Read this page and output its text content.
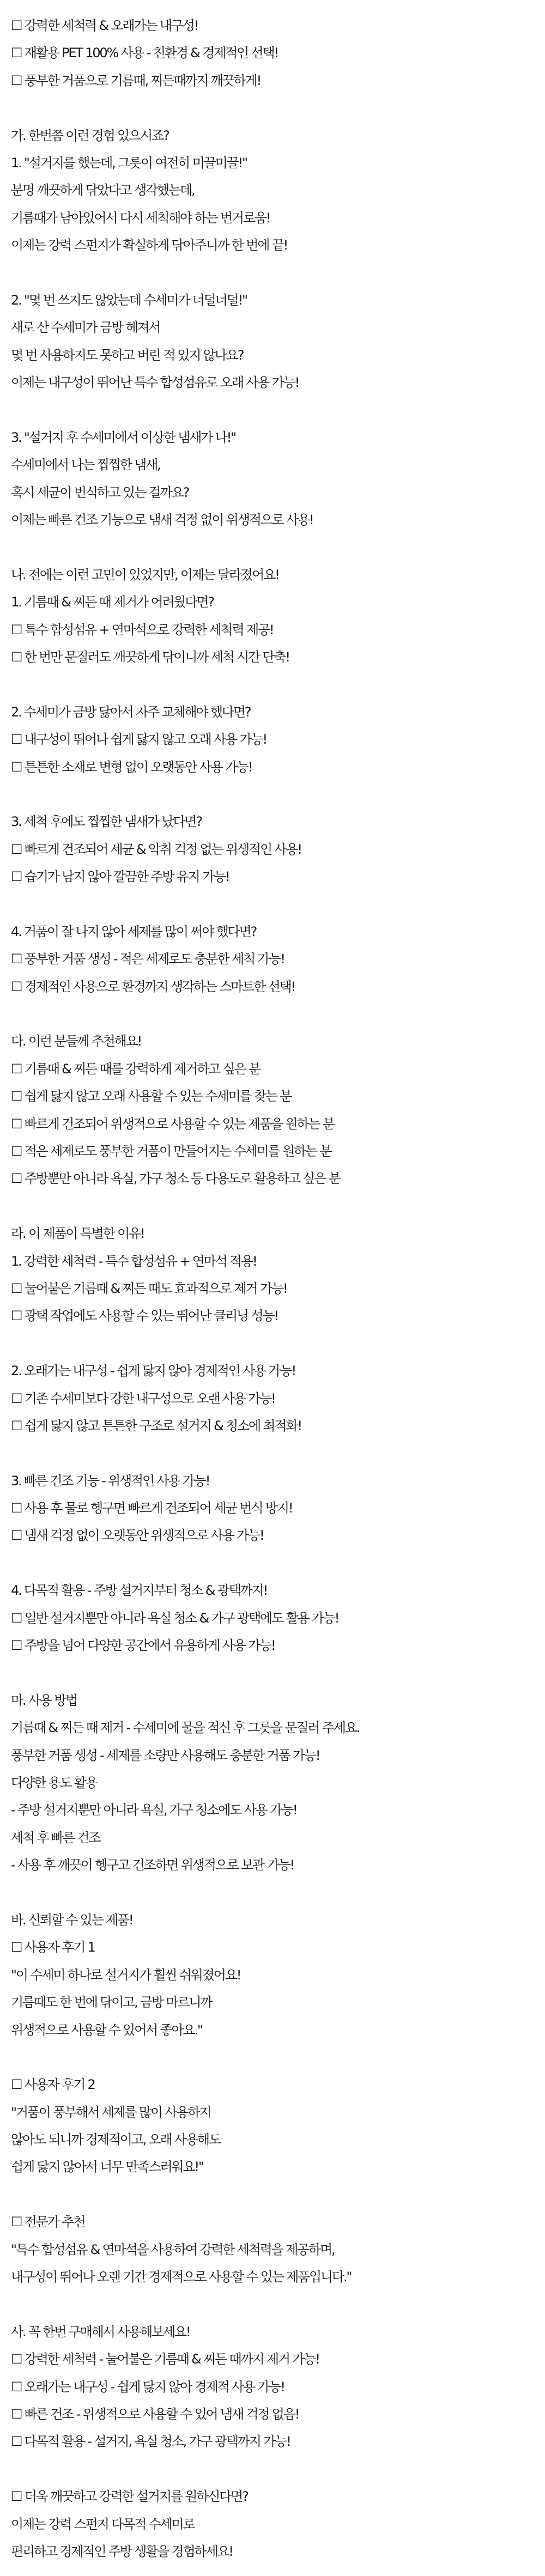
☐ 강력한 세척력 & 오래가는 내구성!
☐ 재활용 PET 100% 사용 - 친환경 & 경제적인 선택!
☐ 풍부한 거품으로 기름때, 찌든때까지 깨끗하게!
가. 한번쯤 이런 경험 있으시죠?
1. "설거지를 했는데, 그릇이 여전히 미끌미끌!"
분명 깨끗하게 닦았다고 생각했는데,
기름때가 남아있어서 다시 세척해야 하는 번거로움!
이제는 강력 스펀지가 확실하게 닦아주니까 한 번에 끝!
2. "몇 번 쓰지도 않았는데 수세미가 너덜너덜!"
새로 산 수세미가 금방 헤져서
몇 번 사용하지도 못하고 버린 적 있지 않나요?
이제는 내구성이 뛰어난 특수 합성섬유로 오래 사용 가능!
3. "설거지 후 수세미에서 이상한 냄새가 나!"
수세미에서 나는 찝찝한 냄새,
혹시 세균이 번식하고 있는 걸까요?
이제는 빠른 건조 기능으로 냄새 걱정 없이 위생적으로 사용!
나. 전에는 이런 고민이 있었지만, 이제는 달라졌어요!
1. 기름때 & 찌든 때 제거가 어려웠다면?
☐ 특수 합성섬유 + 연마석으로 강력한 세척력 제공!
☐ 한 번만 문질러도 깨끗하게 닦이니까 세척 시간 단축!
2. 수세미가 금방 닳아서 자주 교체해야 했다면?
☐ 내구성이 뛰어나 쉽게 닳지 않고 오래 사용 가능!
☐ 튼튼한 소재로 변형 없이 오랫동안 사용 가능!
3. 세척 후에도 찝찝한 냄새가 났다면?
☐ 빠르게 건조되어 세균 & 악취 걱정 없는 위생적인 사용!
☐ 습기가 남지 않아 깔끔한 주방 유지 가능!
4. 거품이 잘 나지 않아 세제를 많이 써야 했다면?
☐ 풍부한 거품 생성 - 적은 세제로도 충분한 세척 가능!
☐ 경제적인 사용으로 환경까지 생각하는 스마트한 선택!
다. 이런 분들께 추천해요!
☐ 기름때 & 찌든 때를 강력하게 제거하고 싶은 분
☐ 쉽게 닳지 않고 오래 사용할 수 있는 수세미를 찾는 분
☐ 빠르게 건조되어 위생적으로 사용할 수 있는 제품을 원하는 분
☐ 적은 세제로도 풍부한 거품이 만들어지는 수세미를 원하는 분
☐ 주방뿐만 아니라 욕실, 가구 청소 등 다용도로 활용하고 싶은 분
라. 이 제품이 특별한 이유!
1. 강력한 세척력 - 특수 합성섬유 + 연마석 적용!
☐ 눌어붙은 기름때 & 찌든 때도 효과적으로 제거 가능!
☐ 광택 작업에도 사용할 수 있는 뛰어난 클리닝 성능!
2. 오래가는 내구성 - 쉽게 닳지 않아 경제적인 사용 가능!
☐ 기존 수세미보다 강한 내구성으로 오랜 사용 가능!
☐ 쉽게 닳지 않고 튼튼한 구조로 설거지 & 청소에 최적화!
3. 빠른 건조 기능 - 위생적인 사용 가능!
☐ 사용 후 물로 헹구면 빠르게 건조되어 세균 번식 방지!
☐ 냄새 걱정 없이 오랫동안 위생적으로 사용 가능!
4. 다목적 활용 - 주방 설거지부터 청소 & 광택까지!
☐ 일반 설거지뿐만 아니라 욕실 청소 & 가구 광택에도 활용 가능!
☐ 주방을 넘어 다양한 공간에서 유용하게 사용 가능!
마. 사용 방법
기름때 & 찌든 때 제거 - 수세미에 물을 적신 후 그릇을 문질러 주세요.
풍부한 거품 생성 - 세제를 소량만 사용해도 충분한 거품 가능!
다양한 용도 활용
- 주방 설거지뿐만 아니라 욕실, 가구 청소에도 사용 가능!
세척 후 빠른 건조
- 사용 후 깨끗이 헹구고 건조하면 위생적으로 보관 가능!
바. 신뢰할 수 있는 제품!
☐ 사용자 후기 1
"이 수세미 하나로 설거지가 훨씬 쉬워졌어요!
기름때도 한 번에 닦이고, 금방 마르니까
위생적으로 사용할 수 있어서 좋아요."
☐ 사용자 후기 2
"거품이 풍부해서 세제를 많이 사용하지
않아도 되니까 경제적이고, 오래 사용해도
쉽게 닳지 않아서 너무 만족스러워요!"
☐ 전문가 추천
"특수 합성섬유 & 연마석을 사용하여 강력한 세척력을 제공하며,
내구성이 뛰어나 오랜 기간 경제적으로 사용할 수 있는 제품입니다."
사. 꼭 한번 구매해서 사용해보세요!
☐ 강력한 세척력 - 눌어붙은 기름때 & 찌든 때까지 제거 가능!
☐ 오래가는 내구성 - 쉽게 닳지 않아 경제적 사용 가능!
☐ 빠른 건조 - 위생적으로 사용할 수 있어 냄새 걱정 없음!
☐ 다목적 활용 - 설거지, 욕실 청소, 가구 광택까지 가능!
☐ 더욱 깨끗하고 강력한 설거지를 원하신다면?
이제는 강력 스펀지 다목적 수세미로
편리하고 경제적인 주방 생활을 경험하세요!
